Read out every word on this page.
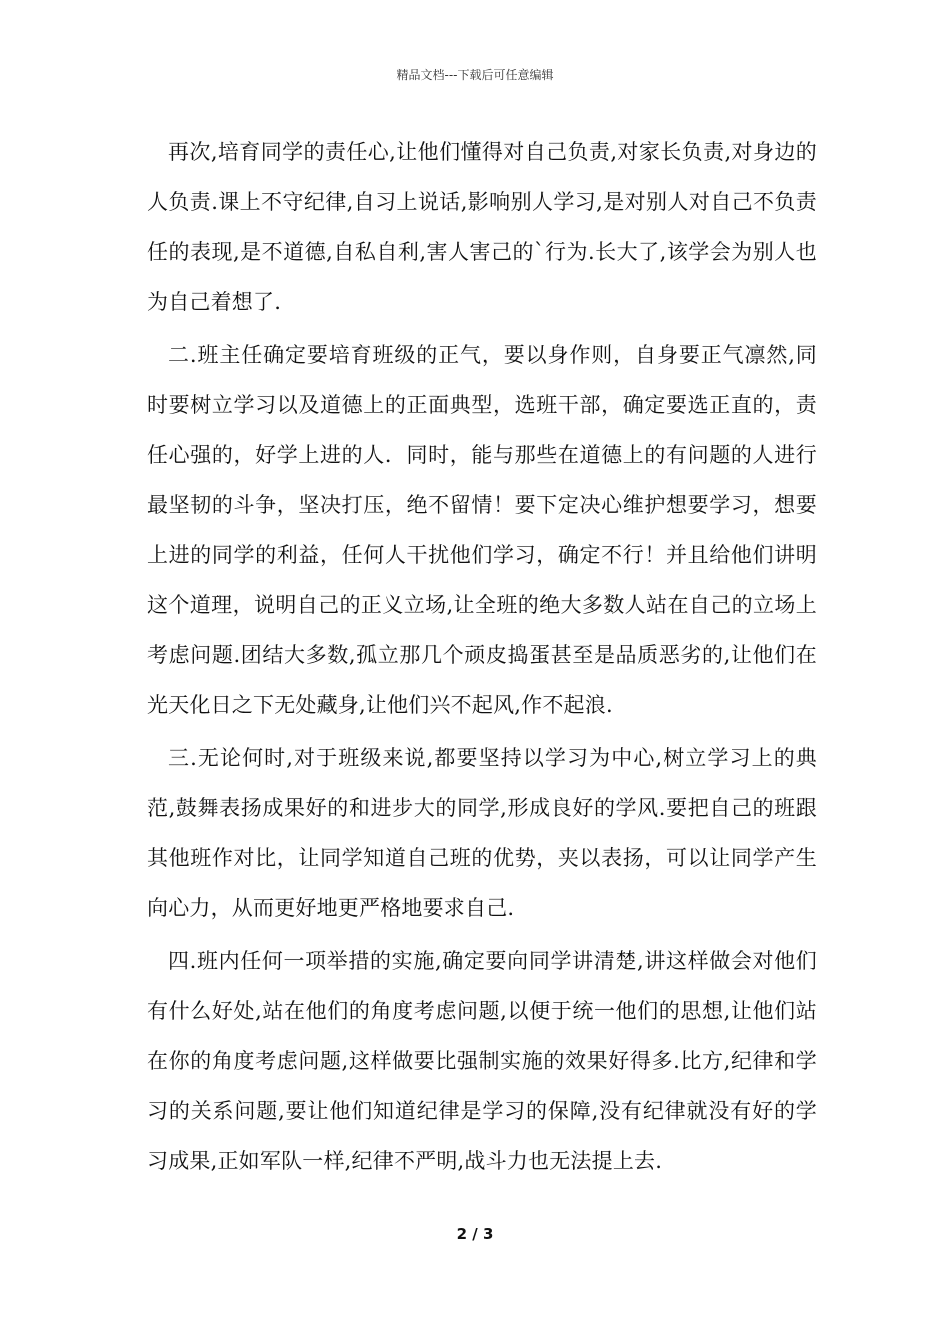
精品文档---下载后可任意编辑

再次,培育同学的责任心,让他们懂得对自己负责,对家长负责,对身边的人负责.课上不守纪律,自习上说话,影响别人学习,是对别人对自己不负责任的表现,是不道德,自私自利,害人害己的`行为.长大了,该学会为别人也为自己着想了.

二.班主任确定要培育班级的正气，要以身作则，自身要正气凛然,同时要树立学习以及道德上的正面典型，选班干部，确定要选正直的，责任心强的，好学上进的人．同时，能与那些在道德上的有问题的人进行最坚韧的斗争，坚决打压，绝不留情！要下定决心维护想要学习，想要上进的同学的利益，任何人干扰他们学习，确定不行！并且给他们讲明这个道理，说明自己的正义立场,让全班的绝大多数人站在自己的立场上考虑问题.团结大多数,孤立那几个顽皮捣蛋甚至是品质恶劣的,让他们在光天化日之下无处藏身,让他们兴不起风,作不起浪.

三.无论何时,对于班级来说,都要坚持以学习为中心,树立学习上的典范,鼓舞表扬成果好的和进步大的同学,形成良好的学风.要把自己的班跟其他班作对比，让同学知道自己班的优势，夹以表扬，可以让同学产生向心力，从而更好地更严格地要求自己.

四.班内任何一项举措的实施,确定要向同学讲清楚,讲这样做会对他们有什么好处,站在他们的角度考虑问题,以便于统一他们的思想,让他们站在你的角度考虑问题,这样做要比强制实施的效果好得多.比方,纪律和学习的关系问题,要让他们知道纪律是学习的保障,没有纪律就没有好的学习成果,正如军队一样,纪律不严明,战斗力也无法提上去.

2 / 3
